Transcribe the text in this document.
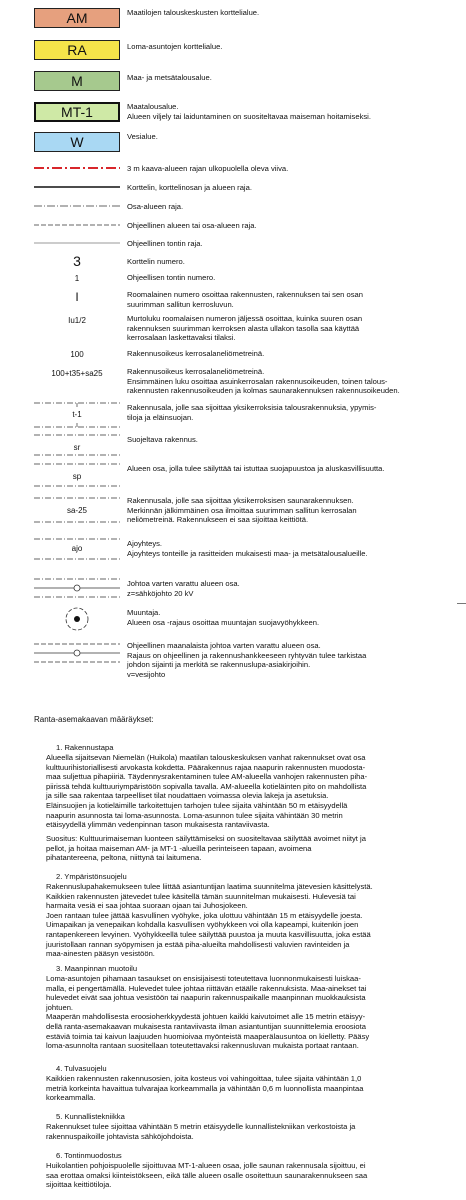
AM	Maatilojen talouskeskusten korttelialue.
RA	Loma-asuntojen korttelialue.
M	Maa- ja metsätalousalue.
MT-1	Maatalousalue.
Alueen viljely tai laiduntaminen on suositeltavaa maiseman hoitamiseksi.
W	Vesialue.
3 m kaava-alueen rajan ulkopuolella oleva viiva.
Korttelin, korttelinosan ja alueen raja.
Osa-alueen raja.
Ohjeellinen alueen tai osa-alueen raja.
Ohjeellinen tontin raja.
3	Korttelin numero.
1	Ohjeellisen tontin numero.
I	Roomalainen numero osoittaa rakennusten, rakennuksen tai sen osan
suurimman sallitun kerrosluvun.
Iu1/2	Murtoluku roomalaisen numeron jäljessä osoittaa, kuinka suuren osan
rakennuksen suurimman kerroksen alasta ullakon tasolla saa käyttää
kerrosalaan laskettavaksi tilaksi.
100	Rakennusoikeus kerrosalaneliömetreinä.
100+t35+sa25	Rakennusoikeus kerrosalaneliömetreinä.
Ensimmäinen luku osoittaa asuinkerrosalan rakennusoikeuden, toinen talous-
rakennusten rakennusoikeuden ja kolmas saunarakennuksen rakennusoikeuden.
t-1
Rakennusala, jolle saa sijoittaa yksikerroksisia talousrakennuksia, ypymis-
tiloja ja eläinsuojan.
sr
Suojeltava rakennus.
sp
Alueen osa, jolla tulee säilyttää tai istuttaa suojapuustoa ja aluskasvillisuutta.
sa-25
Rakennusala, jolle saa sijoittaa yksikerroksisen saunarakennuksen.
Merkinnän jälkimmäinen osa ilmoittaa suurimman sallitun kerrosalan
neliömetreinä. Rakennukseen ei saa sijoittaa keittiötä.
ajo
Ajoyhteys.
Ajoyhteys tonteille ja rasitteiden mukaisesti maa- ja metsätalousalueille.
Johtoa varten varattu alueen osa.
z=sähköjohto 20 kV
Muuntaja.
Alueen osa -rajaus osoittaa muuntajan suojavyöhykkeen.
Ohjeellinen maanalaista johtoa varten varattu alueen osa.
Rajaus on ohjeellinen ja rakennushankkeeseen ryhtyvän tulee tarkistaa
johdon sijainti ja merkitä se rakennuslupa-asiakirjoihin.
v=vesijohto
Ranta-asemakaavan määräykset:
1. Rakennustapa
Alueella sijaitsevan Niemelän (Huikola) maatilan talouskeskuksen vanhat rakennukset ovat osa
kulttuurihistoriallisesti arvokasta kokdetta. Päärakennus rajaa naapurin rakennusten muodosta-
maa suljettua pihapiiriä. Täydennysrakentaminen tulee AM-alueella vanhojen rakennusten piha-
piirissä tehdä kulttuuriympäristöön sopivalla tavalla. AM-alueella kotieläinten pito on mahdollista
ja sille saa rakentaa tarpeelliset tilat noudattaen voimassa olevia lakeja ja asetuksia.
Eläinsuojien ja kotieläimille tarkoitettujen tarhojen tulee sijaita vähintään 50 m etäisyydellä
naapurin asunnosta tai loma-asunnosta. Loma-asunnon tulee sijaita vähintään 30 metrin
etäisyydellä ylimmän vedenpinnan tason mukaisesta rantaviivasta.
Suositus: Kulttuurimaiseman luonteen säilyttämiseksi on suositeltavaa säilyttää avoimet niityt ja
pellot, ja hoitaa maiseman AM- ja MT-1 -alueilla perinteiseen tapaan, avoimena
pihatantereena, peltona, niittynä tai laitumena.
2. Ympäristönsuojelu
Rakennuslupahakemukseen tulee liittää asiantuntijan laatima suunnitelma jätevesien käsittelystä.
Kaikkien rakennusten jätevedet tulee käsitellä tämän suunnitelman mukaisesti. Hulevesiä tai
harmaita vesiä ei saa johtaa suoraan ojaan tai Juhosjokeen.
Joen rantaan tulee jättää kasvullinen vyöhyke, joka ulottuu vähintään 15 m etäisyydelle joesta.
Uimapaikan ja venepaikan kohdalla kasvullisen vyöhykkeen voi olla kapeampi, kuitenkin joen
rantapenkereen levyinen. Vyöhykkeellä tulee säilyttää puustoa ja muuta kasvillisuutta, joka estää
juuristollaan rannan syöpymisen ja estää piha-alueilta mahdollisesti valuvien ravinteiden ja
maa-ainesten pääsyn vesistöön.
3. Maanpinnan muotoilu
Loma-asuntojen pihamaan tasaukset on ensisijaisesti toteutettava luonnonmukaisesti luiskaa-
malla, ei pengertämällä. Hulevedet tulee johtaa riittävän etäälle rakennuksista. Maa-ainekset tai
hulevedet eivät saa johtua vesistöön tai naapurin rakennuspaikalle maanpinnan muokkauksista
johtuen.
Maaperän mahdollisesta eroosioherkkyydestä johtuen kaikki kaivutoimet alle 15 metrin etäisyy-
dellä ranta-asemakaavan mukaisesta rantaviivasta ilman asiantuntijan suunnittelemia eroosiota
estäviä toimia tai kaivun laajuuden huomioivaa myönteistä maaperälausuntoa on kielletty. Pääsy
loma-asunnolta rantaan suositellaan toteutettavaksi rakennusluvan mukaista portaat rantaan.
4. Tulvasuojelu
Kaikkien rakennusten rakennusosien, joita kosteus voi vahingoittaa, tulee sijaita vähintään 1,0
metriä korkeinta havaittua tulvarajaa korkeammalla ja vähintään 0,6 m luonnollista maanpintaa
korkeammalla.
5. Kunnallistekniikka
Rakennukset tulee sijoittaa vähintään 5 metrin etäisyydelle kunnallistekniikan verkostoista ja
rakennuspaikoille johtavista sähköjohdoista.
6. Tontinmuodostus
Huikolantien pohjoispuolelle sijoittuvaa MT-1-alueen osaa, jolle saunan rakennusala sijoittuu, ei
saa erottaa omaksi kiinteistökseen, eikä tälle alueen osalle osoitettuun saunarakennukseen saa
sijoittaa keittiötiloja.
